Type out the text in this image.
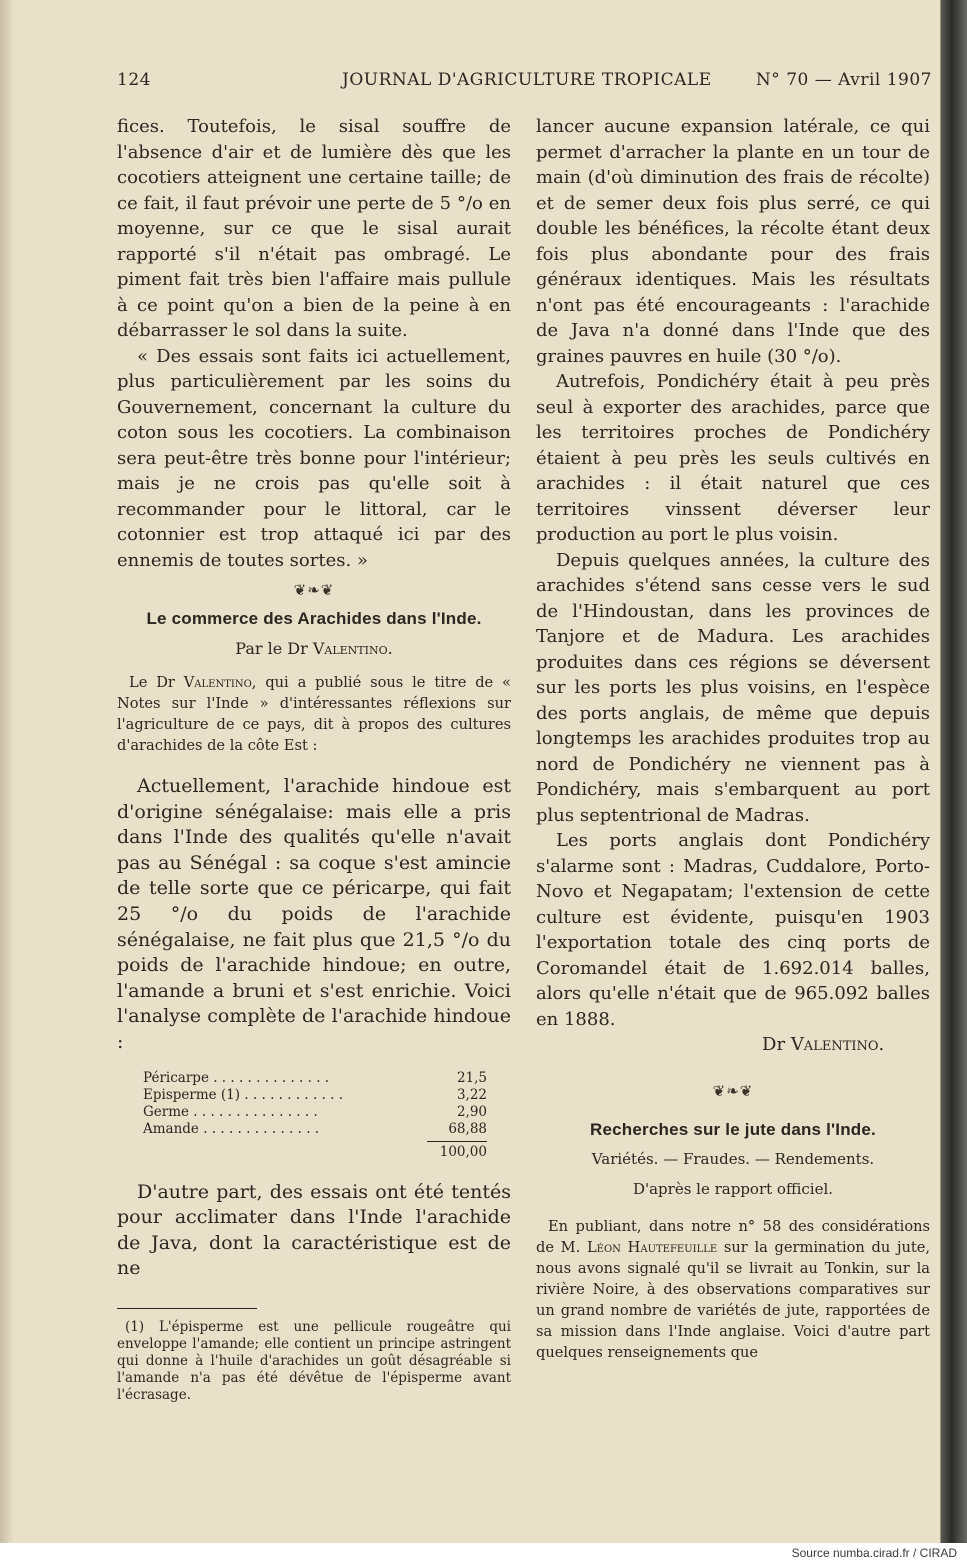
Source numba.cirad.fr / CIRAD
124	JOURNAL D'AGRICULTURE TROPICALE	N° 70 — Avril 1907

fices. Toutefois, le sisal souffre de l'absence d'air et de lumière dès que les cocotiers atteignent une certaine taille; de ce fait, il faut prévoir une perte de 5 °/o en moyenne, sur ce que le sisal aurait rapporté s'il n'était pas ombragé. Le piment fait très bien l'affaire mais pullule à ce point qu'on a bien de la peine à en débarrasser le sol dans la suite.

« Des essais sont faits ici actuellement, plus particulièrement par les soins du Gouvernement, concernant la culture du coton sous les cocotiers. La combinaison sera peut-être très bonne pour l'intérieur; mais je ne crois pas qu'elle soit à recommander pour le littoral, car le cotonnier est trop attaqué ici par des ennemis de toutes sortes. »

❦❧❦
Le commerce des Arachides dans l'Inde.
Par le Dr Valentino.

Le Dr Valentino, qui a publié sous le titre de « Notes sur l'Inde » d'intéressantes réflexions sur l'agriculture de ce pays, dit à propos des cultures d'arachides de la côte Est :

Actuellement, l'arachide hindoue est d'origine sénégalaise: mais elle a pris dans l'Inde des qualités qu'elle n'avait pas au Sénégal : sa coque s'est amincie de telle sorte que ce péricarpe, qui fait 25 °/o du poids de l'arachide sénégalaise, ne fait plus que 21,5 °/o du poids de l'arachide hindoue; en outre, l'amande a bruni et s'est enrichie. Voici l'analyse complète de l'arachide hindoue :

Péricarpe . . . . . . . . . . . . . .	21,5
Episperme (1) . . . . . . . . . . . .	3,22
Germe . . . . . . . . . . . . . . .	2,90
Amande . . . . . . . . . . . . . .	68,88
100,00

D'autre part, des essais ont été tentés pour acclimater dans l'Inde l'arachide de Java, dont la caractéristique est de ne

(1) L'épisperme est une pellicule rougeâtre qui enveloppe l'amande; elle contient un principe astringent qui donne à l'huile d'arachides un goût désagréable si l'amande n'a pas été dévêtue de l'épisperme avant l'écrasage.

lancer aucune expansion latérale, ce qui permet d'arracher la plante en un tour de main (d'où diminution des frais de récolte) et de semer deux fois plus serré, ce qui double les bénéfices, la récolte étant deux fois plus abondante pour des frais généraux identiques. Mais les résultats n'ont pas été encourageants : l'arachide de Java n'a donné dans l'Inde que des graines pauvres en huile (30 °/o).

Autrefois, Pondichéry était à peu près seul à exporter des arachides, parce que les territoires proches de Pondichéry étaient à peu près les seuls cultivés en arachides : il était naturel que ces territoires vinssent déverser leur production au port le plus voisin.

Depuis quelques années, la culture des arachides s'étend sans cesse vers le sud de l'Hindoustan, dans les provinces de Tanjore et de Madura. Les arachides produites dans ces régions se déversent sur les ports les plus voisins, en l'espèce des ports anglais, de même que depuis longtemps les arachides produites trop au nord de Pondichéry ne viennent pas à Pondichéry, mais s'embarquent au port plus septentrional de Madras.

Les ports anglais dont Pondichéry s'alarme sont : Madras, Cuddalore, Porto-Novo et Negapatam; l'extension de cette culture est évidente, puisqu'en 1903 l'exportation totale des cinq ports de Coromandel était de 1.692.014 balles, alors qu'elle n'était que de 965.092 balles en 1888.

Dr Valentino.
❦❧❦
Recherches sur le jute dans l'Inde.
Variétés. — Fraudes. — Rendements.
D'après le rapport officiel.

En publiant, dans notre n° 58 des considérations de M. Léon Hautefeuille sur la germination du jute, nous avons signalé qu'il se livrait au Tonkin, sur la rivière Noire, à des observations comparatives sur un grand nombre de variétés de jute, rapportées de sa mission dans l'Inde anglaise. Voici d'autre part quelques renseignements que
